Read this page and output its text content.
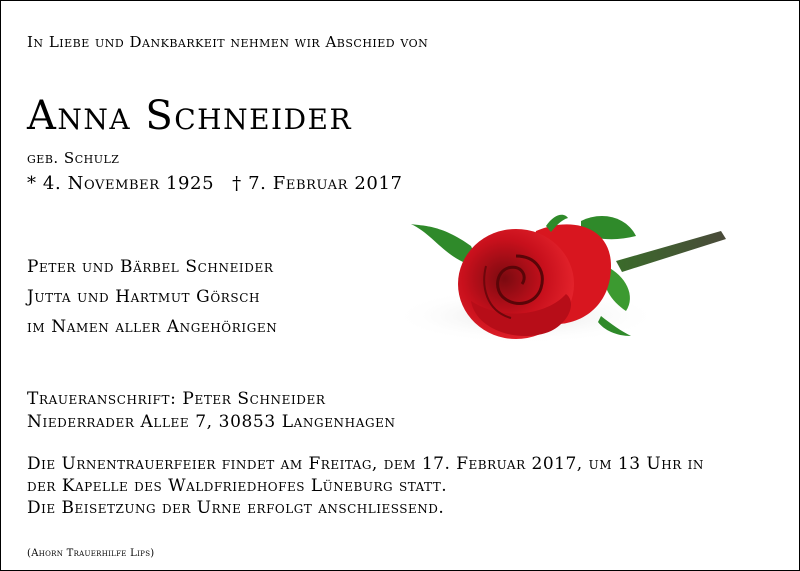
In Liebe und Dankbarkeit nehmen wir Abschied von
Anna Schneider
geb. Schulz
* 4. November 1925 † 7. Februar 2017
Peter und Bärbel Schneider
Jutta und Hartmut Görsch
im Namen aller Angehörigen
Traueranschrift: Peter Schneider
Niederrader Allee 7, 30853 Langenhagen
Die Urnentrauerfeier findet am Freitag, dem 17. Februar 2017, um 13 Uhr in
der Kapelle des Waldfriedhofes Lüneburg statt.
Die Beisetzung der Urne erfolgt anschliessend.
(Ahorn Trauerhilfe Lips)
